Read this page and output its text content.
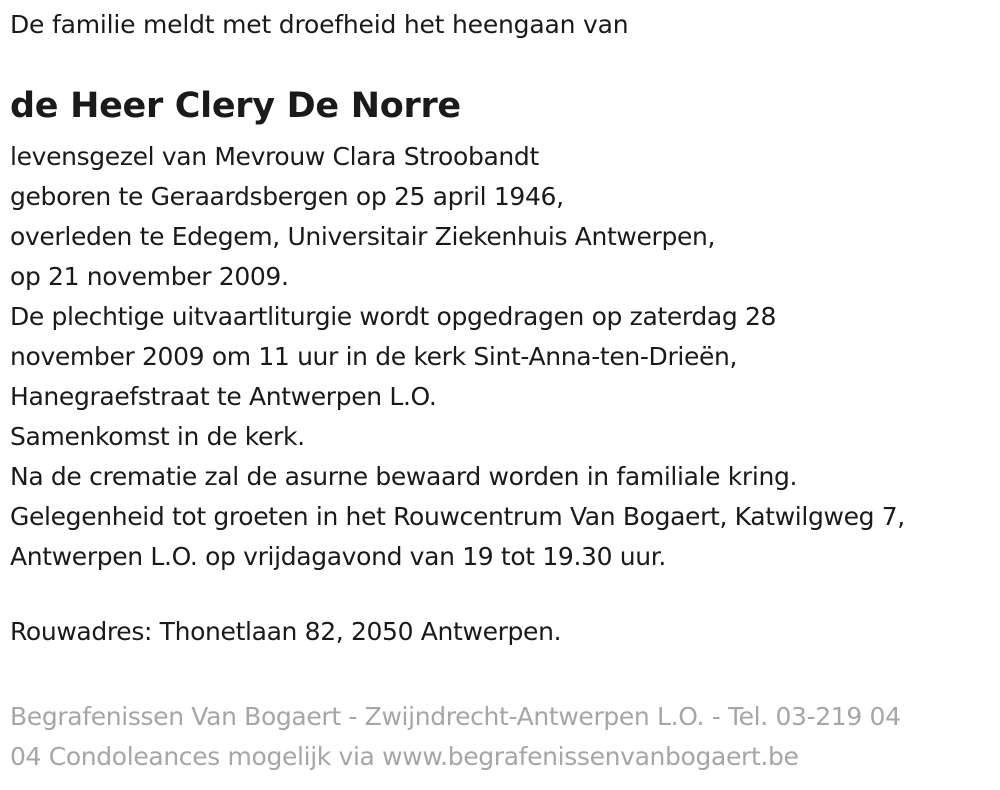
De familie meldt met droefheid het heengaan van
de Heer Clery De Norre
levensgezel van Mevrouw Clara Stroobandt
geboren te Geraardsbergen op 25 april 1946,
overleden te Edegem, Universitair Ziekenhuis Antwerpen,
op 21 november 2009.
De plechtige uitvaartliturgie wordt opgedragen op zaterdag 28
november 2009 om 11 uur in de kerk Sint-Anna-ten-Drieën,
Hanegraefstraat te Antwerpen L.O.
Samenkomst in de kerk.
Na de crematie zal de asurne bewaard worden in familiale kring.
Gelegenheid tot groeten in het Rouwcentrum Van Bogaert, Katwilgweg 7,
Antwerpen L.O. op vrijdagavond van 19 tot 19.30 uur.
Rouwadres: Thonetlaan 82, 2050 Antwerpen.
Begrafenissen Van Bogaert - Zwijndrecht-Antwerpen L.O. - Tel. 03-219 04
04 Condoleances mogelijk via www.begrafenissenvanbogaert.be
